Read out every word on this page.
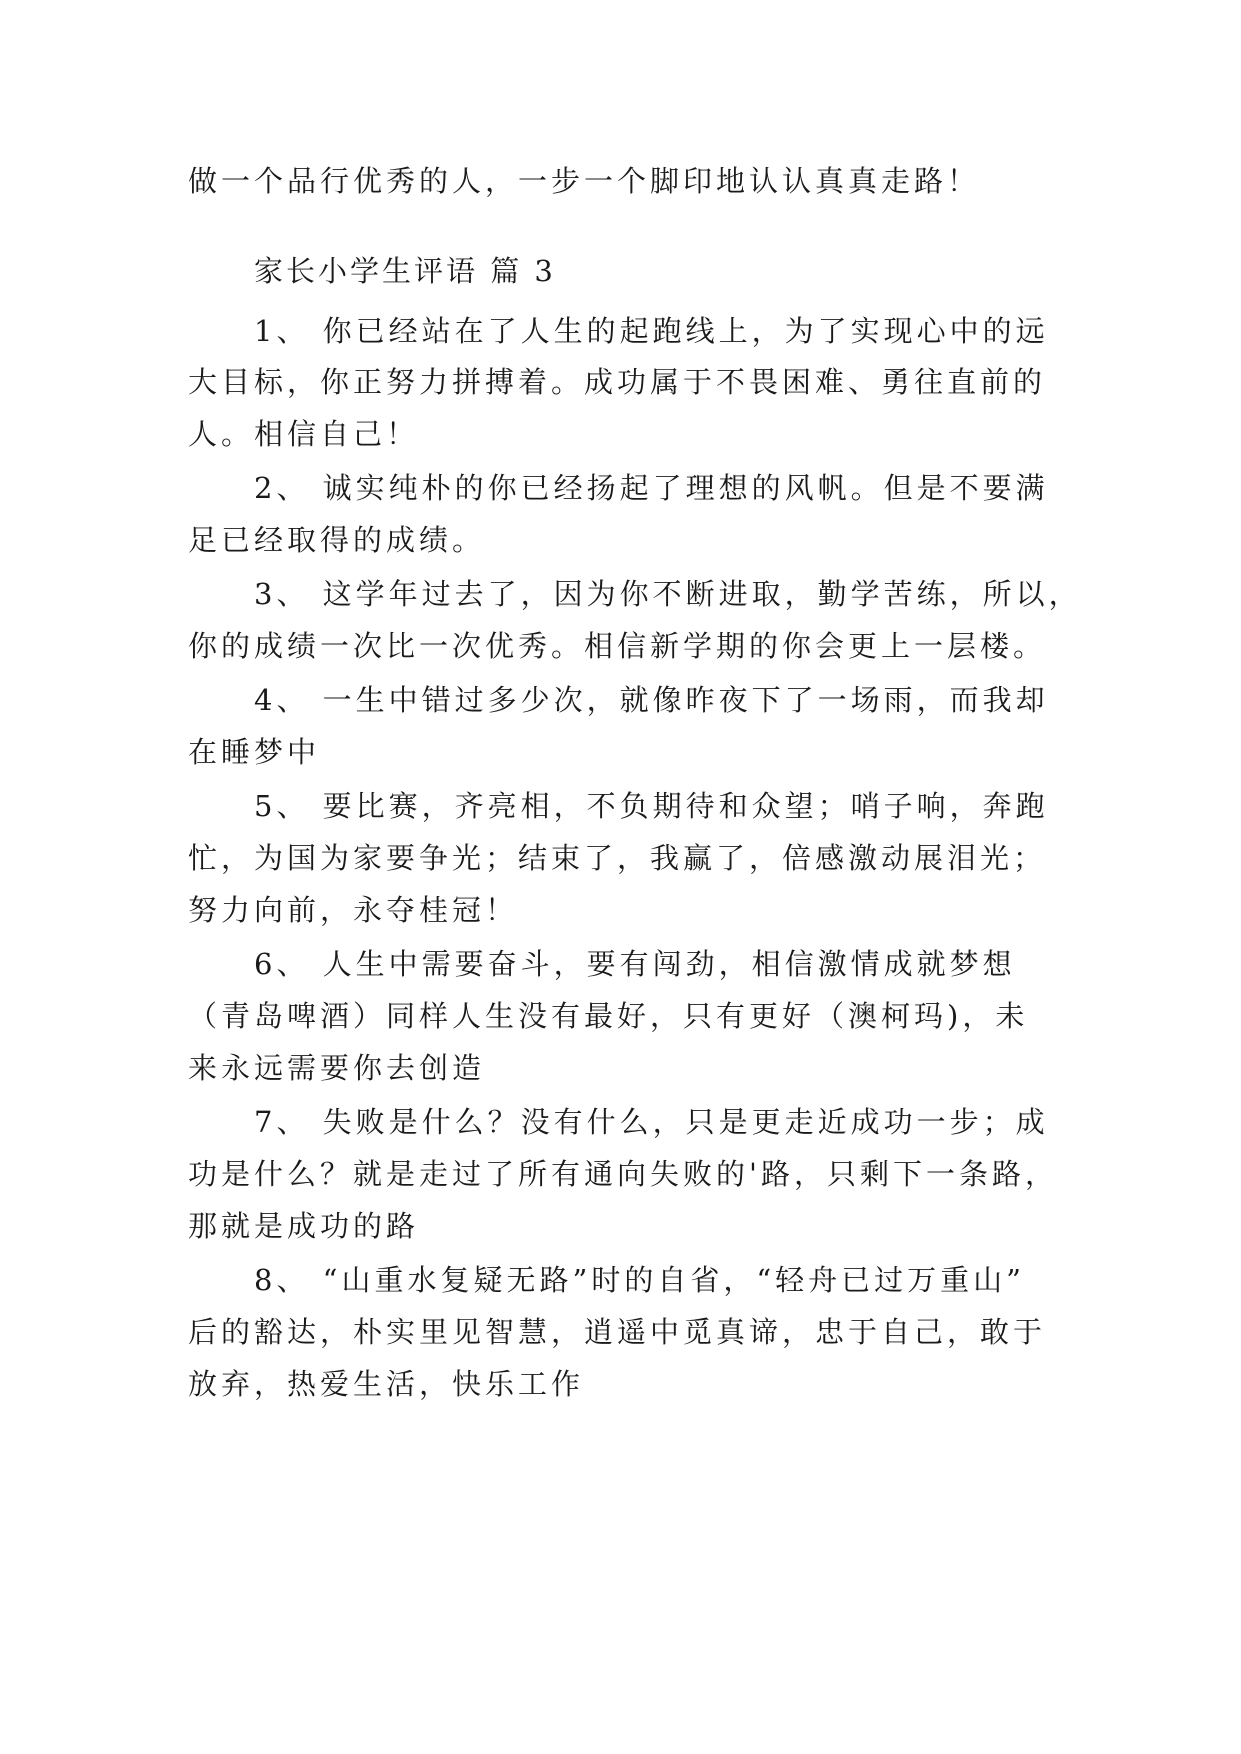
做一个品行优秀的人，一步一个脚印地认认真真走路！
家长小学生评语 篇 3
1、 你已经站在了人生的起跑线上，为了实现心中的远
大目标，你正努力拼搏着。成功属于不畏困难、勇往直前的
人。相信自己！
2、 诚实纯朴的你已经扬起了理想的风帆。但是不要满
足已经取得的成绩。
3、 这学年过去了，因为你不断进取，勤学苦练，所以，
你的成绩一次比一次优秀。相信新学期的你会更上一层楼。
4、 一生中错过多少次，就像昨夜下了一场雨，而我却
在睡梦中
5、 要比赛，齐亮相，不负期待和众望；哨子响，奔跑
忙，为国为家要争光；结束了，我赢了，倍感激动展泪光；
努力向前，永夺桂冠！
6、 人生中需要奋斗，要有闯劲，相信激情成就梦想
（青岛啤酒）同样人生没有最好，只有更好（澳柯玛)，未
来永远需要你去创造
7、 失败是什么？没有什么，只是更走近成功一步；成
功是什么？就是走过了所有通向失败的'路，只剩下一条路，
那就是成功的路
8、 “山重水复疑无路”时的自省，“轻舟已过万重山”
后的豁达，朴实里见智慧，逍遥中觅真谛，忠于自己，敢于
放弃，热爱生活，快乐工作
